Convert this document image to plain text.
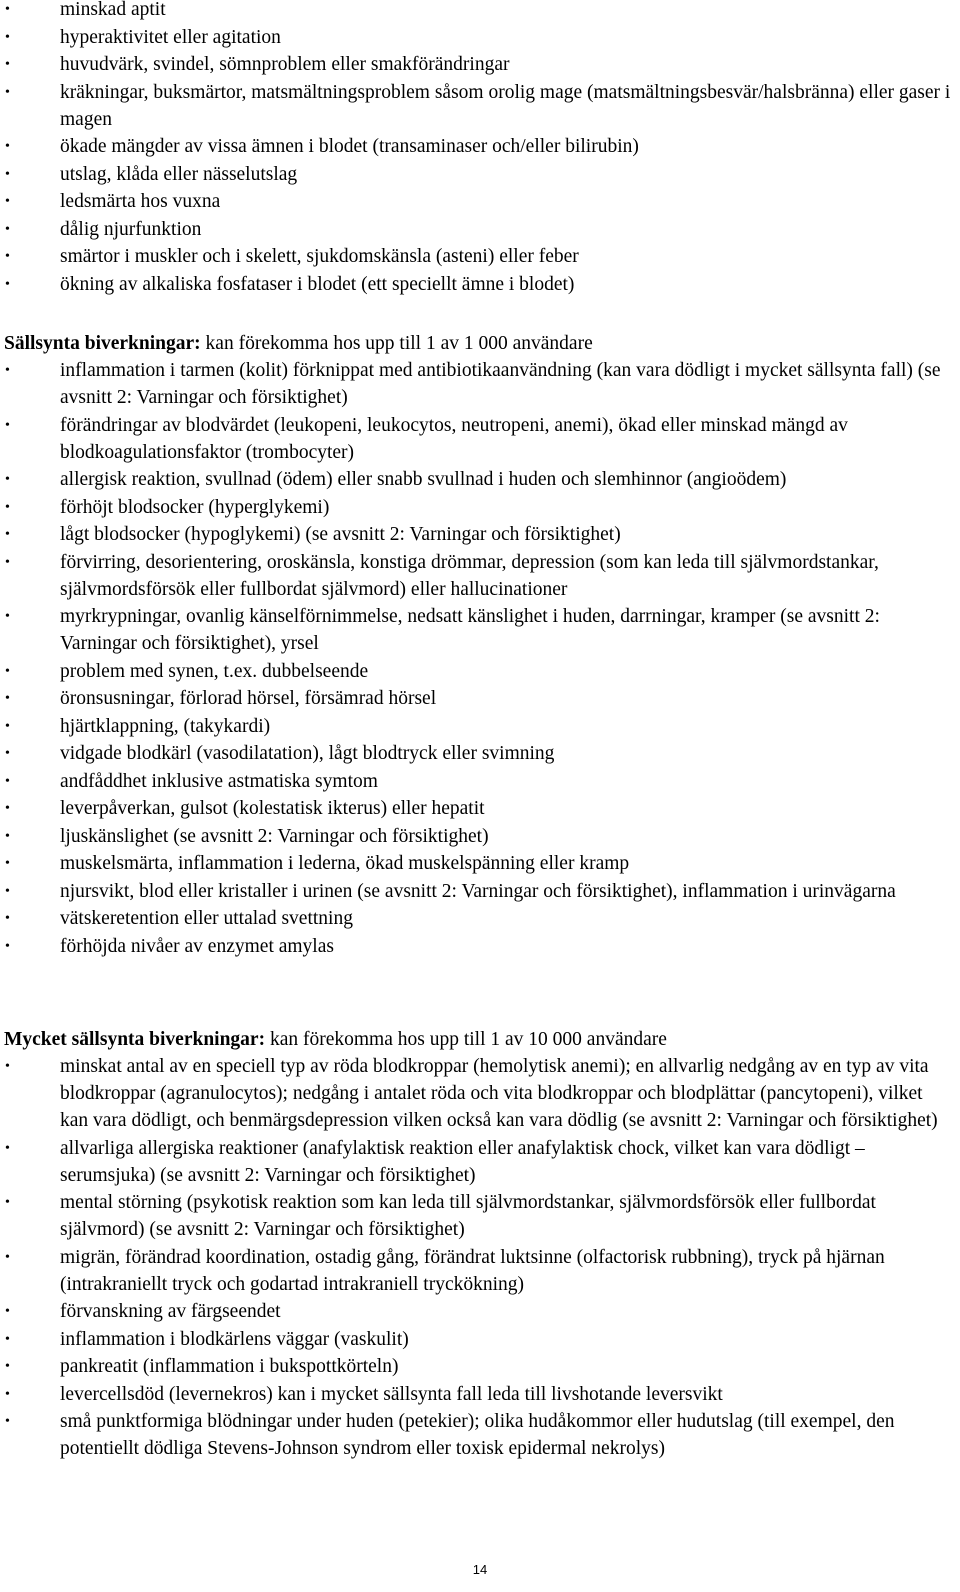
•	minskad aptit
•	hyperaktivitet eller agitation
•	huvudvärk, svindel, sömnproblem eller smakförändringar
•	kräkningar, buksmärtor, matsmältningsproblem såsom orolig mage (matsmältningsbesvär/halsbränna) eller gaser i magen
•	ökade mängder av vissa ämnen i blodet (transaminaser och/eller bilirubin)
•	utslag, klåda eller nässelutslag
•	ledsmärta hos vuxna
•	dålig njurfunktion
•	smärtor i muskler och i skelett, sjukdomskänsla (asteni) eller feber
•	ökning av alkaliska fosfataser i blodet (ett speciellt ämne i blodet)

Sällsynta biverkningar: kan förekomma hos upp till 1 av 1 000 användare

•	inflammation i tarmen (kolit) förknippat med antibiotikaanvändning (kan vara dödligt i mycket sällsynta fall) (se avsnitt 2: Varningar och försiktighet)
•	förändringar av blodvärdet (leukopeni, leukocytos, neutropeni, anemi), ökad eller minskad mängd av blodkoagulationsfaktor (trombocyter)
•	allergisk reaktion, svullnad (ödem) eller snabb svullnad i huden och slemhinnor (angioödem)
•	förhöjt blodsocker (hyperglykemi)
•	lågt blodsocker (hypoglykemi) (se avsnitt 2: Varningar och försiktighet)
•	förvirring, desorientering, oroskänsla, konstiga drömmar, depression (som kan leda till självmordstankar, självmordsförsök eller fullbordat självmord) eller hallucinationer
•	myrkrypningar, ovanlig känselförnimmelse, nedsatt känslighet i huden, darrningar, kramper (se avsnitt 2: Varningar och försiktighet), yrsel
•	problem med synen, t.ex. dubbelseende
•	öronsusningar, förlorad hörsel, försämrad hörsel
•	hjärtklappning, (takykardi)
•	vidgade blodkärl (vasodilatation), lågt blodtryck eller svimning
•	andfåddhet inklusive astmatiska symtom
•	leverpåverkan, gulsot (kolestatisk ikterus) eller hepatit
•	ljuskänslighet (se avsnitt 2: Varningar och försiktighet)
•	muskelsmärta, inflammation i lederna, ökad muskelspänning eller kramp
•	njursvikt, blod eller kristaller i urinen (se avsnitt 2: Varningar och försiktighet), inflammation i urinvägarna
•	vätskeretention eller uttalad svettning
•	förhöjda nivåer av enzymet amylas

Mycket sällsynta biverkningar: kan förekomma hos upp till 1 av 10 000 användare

•	minskat antal av en speciell typ av röda blodkroppar (hemolytisk anemi); en allvarlig nedgång av en typ av vita blodkroppar (agranulocytos); nedgång i antalet röda och vita blodkroppar och blodplättar (pancytopeni), vilket kan vara dödligt, och benmärgsdepression vilken också kan vara dödlig (se avsnitt 2: Varningar och försiktighet)
•	allvarliga allergiska reaktioner (anafylaktisk reaktion eller anafylaktisk chock, vilket kan vara dödligt – serumsjuka) (se avsnitt 2: Varningar och försiktighet)
•	mental störning (psykotisk reaktion som kan leda till självmordstankar, självmordsförsök eller fullbordat självmord) (se avsnitt 2: Varningar och försiktighet)
•	migrän, förändrad koordination, ostadig gång, förändrat luktsinne (olfactorisk rubbning), tryck på hjärnan (intrakraniellt tryck och godartad intrakraniell tryckökning)
•	förvanskning av färgseendet
•	inflammation i blodkärlens väggar (vaskulit)
•	pankreatit (inflammation i bukspottkörteln)
•	levercellsdöd (levernekros) kan i mycket sällsynta fall leda till livshotande leversvikt
•	små punktformiga blödningar under huden (petekier); olika hudåkommor eller hudutslag (till exempel, den potentiellt dödliga Stevens-Johnson syndrom eller toxisk epidermal nekrolys)
14
